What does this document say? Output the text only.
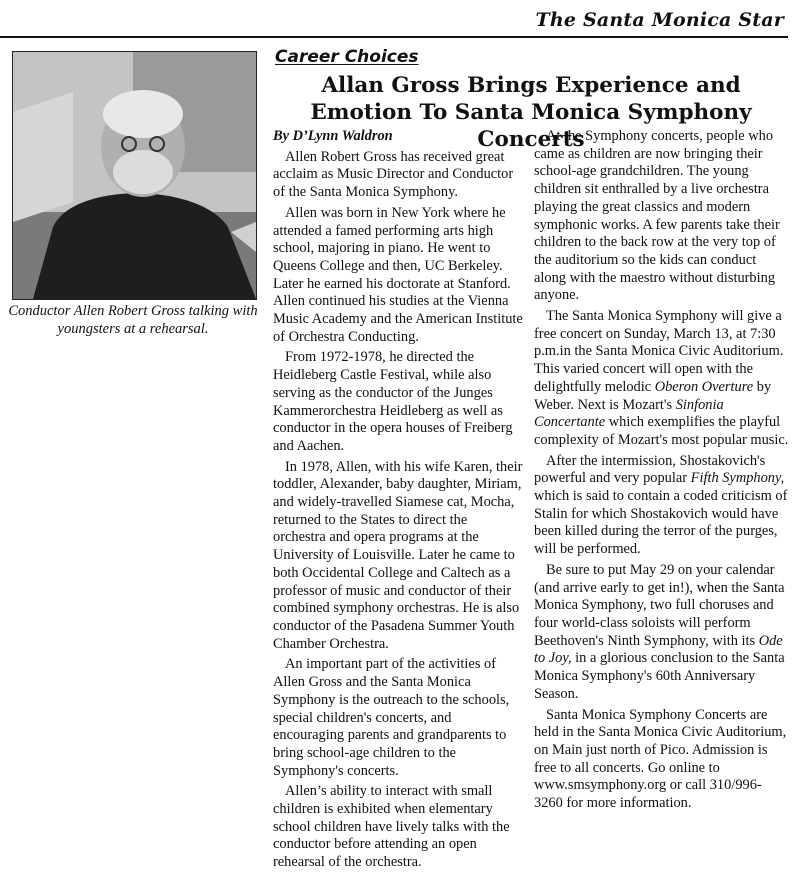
The Santa Monica Star
Conductor Allen Robert Gross talking with youngsters at a rehearsal.
Career Choices
Allan Gross Brings Experience and Emotion To Santa Monica Symphony Concerts

By D’Lynn Waldron

Allen Robert Gross has received great acclaim as Music Director and Conductor of the Santa Monica Symphony.

Allen was born in New York where he attended a famed performing arts high school, majoring in piano. He went to Queens College and then, UC Berkeley. Later he earned his doctorate at Stanford. Allen continued his studies at the Vienna Music Academy and the American Institute of Orchestra Conducting.

From 1972-1978, he directed the Heidleberg Castle Festival, while also serving as the conductor of the Junges Kammerorchestra Heidleberg as well as conductor in the opera houses of Freiberg and Aachen.

In 1978, Allen, with his wife Karen, their toddler, Alexander, baby daughter, Miriam, and widely-travelled Siamese cat, Mocha, returned to the States to direct the orchestra and opera programs at the University of Louisville. Later he came to both Occidental College and Caltech as a professor of music and conductor of their combined symphony orchestras. He is also conductor of the Pasadena Summer Youth Chamber Orchestra.

An important part of the activities of Allen Gross and the Santa Monica Symphony is the outreach to the schools, special children's concerts, and encouraging parents and grandparents to bring school-age children to the Symphony's concerts.

Allen’s ability to interact with small children is exhibited when elementary school children have lively talks with the conductor before attending an open rehearsal of the orchestra.

At the Symphony concerts, people who came as children are now bringing their school-age grandchildren. The young children sit enthralled by a live orchestra playing the great classics and modern symphonic works. A few parents take their children to the back row at the very top of the auditorium so the kids can conduct along with the maestro without disturbing anyone.

The Santa Monica Symphony will give a free concert on Sunday, March 13, at 7:30 p.m.in the Santa Monica Civic Auditorium. This varied concert will open with the delightfully melodic Oberon Overture by Weber. Next is Mozart's Sinfonia Concertante which exemplifies the playful complexity of Mozart's most popular music.

After the intermission, Shostakovich's powerful and very popular Fifth Symphony, which is said to contain a coded criticism of Stalin for which Shostakovich would have been killed during the terror of the purges, will be performed.

Be sure to put May 29 on your calendar (and arrive early to get in!), when the Santa Monica Symphony, two full choruses and four world-class soloists will perform Beethoven's Ninth Symphony, with its Ode to Joy, in a glorious conclusion to the Santa Monica Symphony's 60th Anniversary Season.

Santa Monica Symphony Concerts are held in the Santa Monica Civic Auditorium, on Main just north of Pico. Admission is free to all concerts. Go online to www.smsymphony.org or call 310/996-3260 for more information.
